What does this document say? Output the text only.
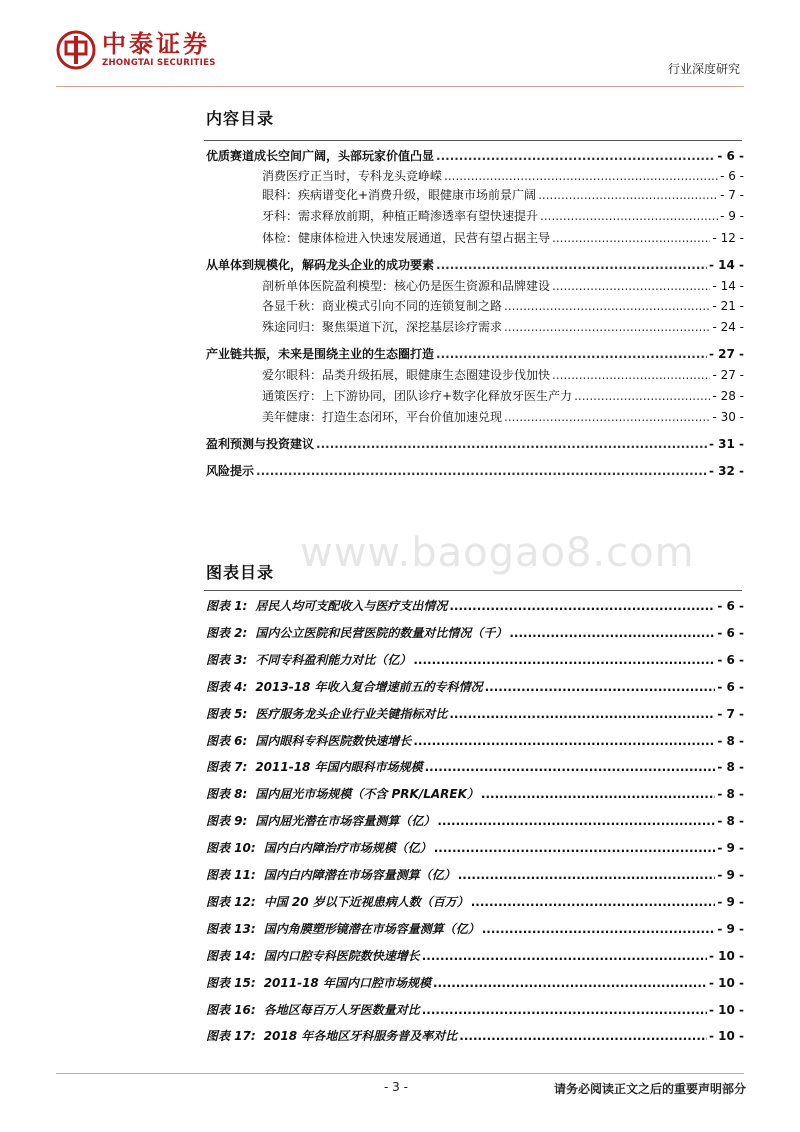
中泰证券
ZHONGTAI SECURITIES	行业深度研究
内容目录
优质赛道成长空间广阔，头部玩家价值凸显 .....	- 6 -
消费医疗正当时，专科龙头竞峥嵘 .....	- 6 -
眼科：疾病谱变化+消费升级，眼健康市场前景广阔 .....	- 7 -
牙科：需求释放前期，种植正畸渗透率有望快速提升 .....	- 9 -
体检：健康体检进入快速发展通道，民营有望占据主导 .....	- 12 -
从单体到规模化，解码龙头企业的成功要素 .....	- 14 -
剖析单体医院盈利模型：核心仍是医生资源和品牌建设 .....	- 14 -
各显千秋：商业模式引向不同的连锁复制之路 .....	- 21 -
殊途同归：聚焦渠道下沉，深挖基层诊疗需求 .....	- 24 -
产业链共振，未来是围绕主业的生态圈打造 .....	- 27 -
爱尔眼科：品类升级拓展，眼健康生态圈建设步伐加快 .....	- 27 -
通策医疗：上下游协同，团队诊疗+数字化释放牙医生产力 .....	- 28 -
美年健康：打造生态闭环，平台价值加速兑现 .....	- 30 -
盈利预测与投资建议 .....	- 31 -
风险提示 .....	- 32 -
www.baogao8.com
图表目录
图表 1: 居民人均可支配收入与医疗支出情况 .....	- 6 -
图表 2: 国内公立医院和民营医院的数量对比情况（千） .....	- 6 -
图表 3: 不同专科盈利能力对比（亿） .....	- 6 -
图表 4: 2013-18 年收入复合增速前五的专科情况 .....	- 6 -
图表 5: 医疗服务龙头企业行业关键指标对比 .....	- 7 -
图表 6: 国内眼科专科医院数快速增长 .....	- 8 -
图表 7: 2011-18 年国内眼科市场规模 .....	- 8 -
图表 8: 国内屈光市场规模（不含 PRK/LAREK） .....	- 8 -
图表 9: 国内屈光潜在市场容量测算（亿） .....	- 8 -
图表 10: 国内白内障治疗市场规模（亿） .....	- 9 -
图表 11: 国内白内障潜在市场容量测算（亿） .....	- 9 -
图表 12: 中国 20 岁以下近视患病人数（百万） .....	- 9 -
图表 13: 国内角膜塑形镜潜在市场容量测算（亿） .....	- 9 -
图表 14: 国内口腔专科医院数快速增长 .....	- 10 -
图表 15: 2011-18 年国内口腔市场规模 .....	- 10 -
图表 16: 各地区每百万人牙医数量对比 .....	- 10 -
图表 17: 2018 年各地区牙科服务普及率对比 .....	- 10 -
- 3 -	请务必阅读正文之后的重要声明部分
